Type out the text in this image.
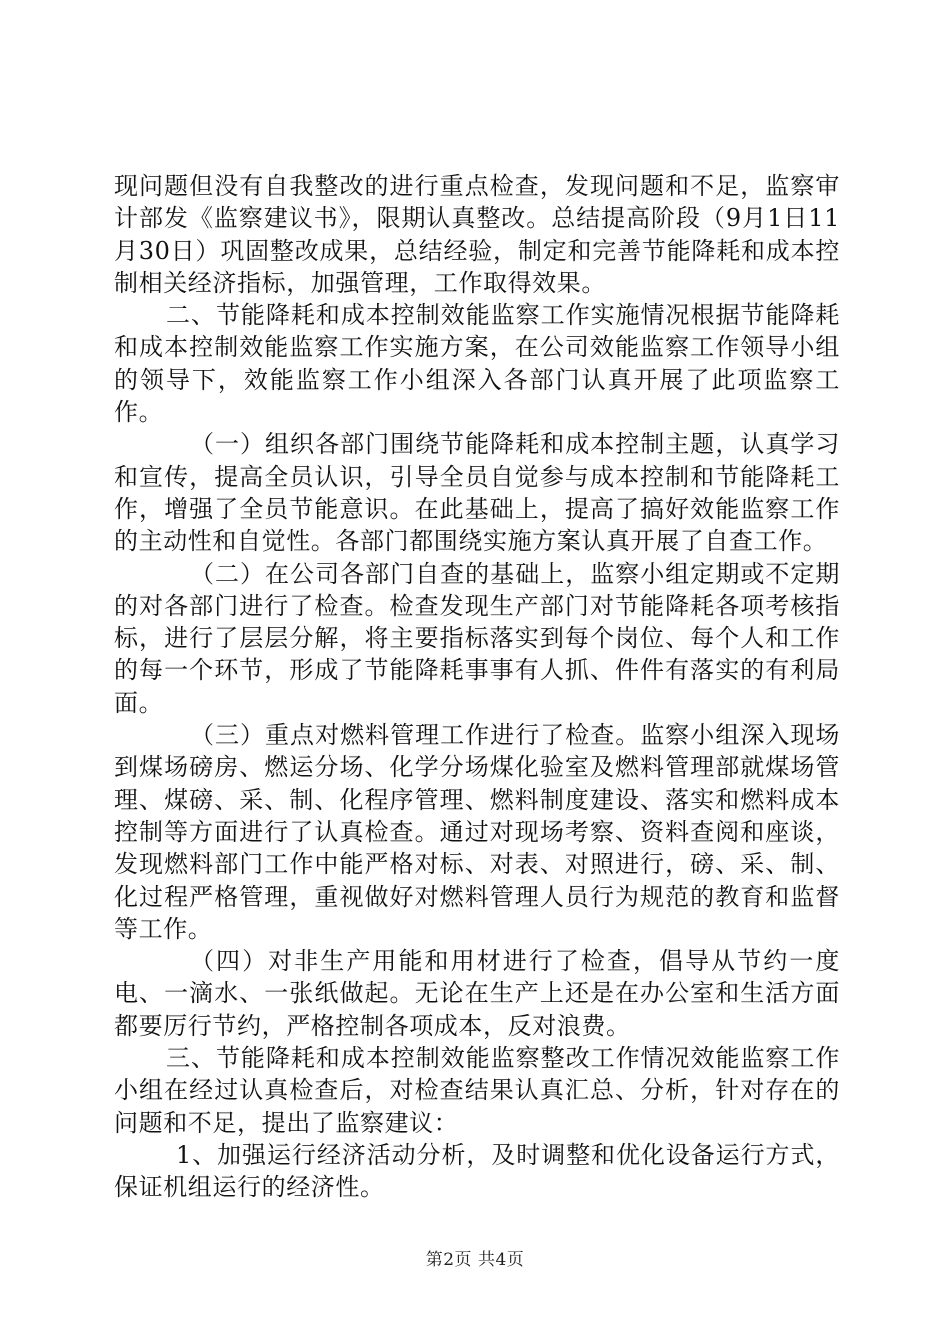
现问题但没有自我整改的进行重点检查，发现问题和不足，监察审计部发《监察建议书》，限期认真整改。总结提高阶段（9月1日11月30日）巩固整改成果，总结经验，制定和完善节能降耗和成本控制相关经济指标，加强管理，工作取得效果。

二、节能降耗和成本控制效能监察工作实施情况根据节能降耗和成本控制效能监察工作实施方案，在公司效能监察工作领导小组的领导下，效能监察工作小组深入各部门认真开展了此项监察工作。

（一）组织各部门围绕节能降耗和成本控制主题，认真学习和宣传，提高全员认识，引导全员自觉参与成本控制和节能降耗工作，增强了全员节能意识。在此基础上，提高了搞好效能监察工作的主动性和自觉性。各部门都围绕实施方案认真开展了自查工作。

（二）在公司各部门自查的基础上，监察小组定期或不定期的对各部门进行了检查。检查发现生产部门对节能降耗各项考核指标，进行了层层分解，将主要指标落实到每个岗位、每个人和工作的每一个环节，形成了节能降耗事事有人抓、件件有落实的有利局面。

（三）重点对燃料管理工作进行了检查。监察小组深入现场到煤场磅房、燃运分场、化学分场煤化验室及燃料管理部就煤场管理、煤磅、采、制、化程序管理、燃料制度建设、落实和燃料成本控制等方面进行了认真检查。通过对现场考察、资料查阅和座谈，发现燃料部门工作中能严格对标、对表、对照进行，磅、采、制、化过程严格管理，重视做好对燃料管理人员行为规范的教育和监督等工作。

（四）对非生产用能和用材进行了检查，倡导从节约一度电、一滴水、一张纸做起。无论在生产上还是在办公室和生活方面都要厉行节约，严格控制各项成本，反对浪费。

三、节能降耗和成本控制效能监察整改工作情况效能监察工作小组在经过认真检查后，对检查结果认真汇总、分析，针对存在的问题和不足，提出了监察建议：

1、加强运行经济活动分析，及时调整和优化设备运行方式，保证机组运行的经济性。

第2页 共4页
